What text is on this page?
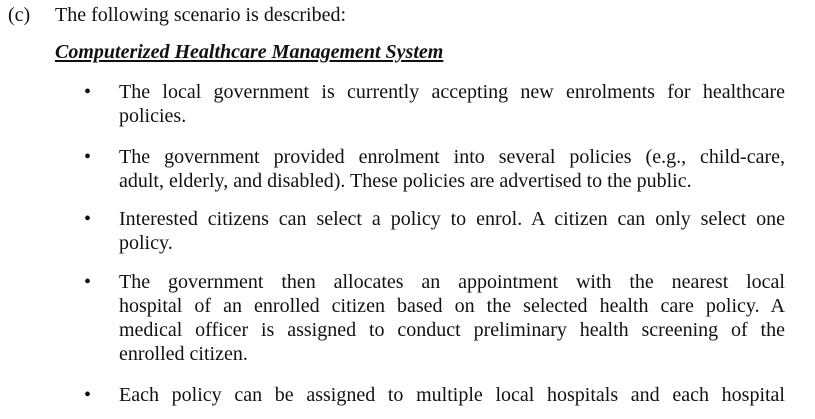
(c) The following scenario is described:
Computerized Healthcare Management System
• The local government is currently accepting new enrolments for healthcare
policies.
• The government provided enrolment into several policies (e.g., child-care,
adult, elderly, and disabled). These policies are advertised to the public.
• Interested citizens can select a policy to enrol. A citizen can only select one
policy.
• The government then allocates an appointment with the nearest local
hospital of an enrolled citizen based on the selected health care policy. A
medical officer is assigned to conduct preliminary health screening of the
enrolled citizen.
• Each policy can be assigned to multiple local hospitals and each hospital
